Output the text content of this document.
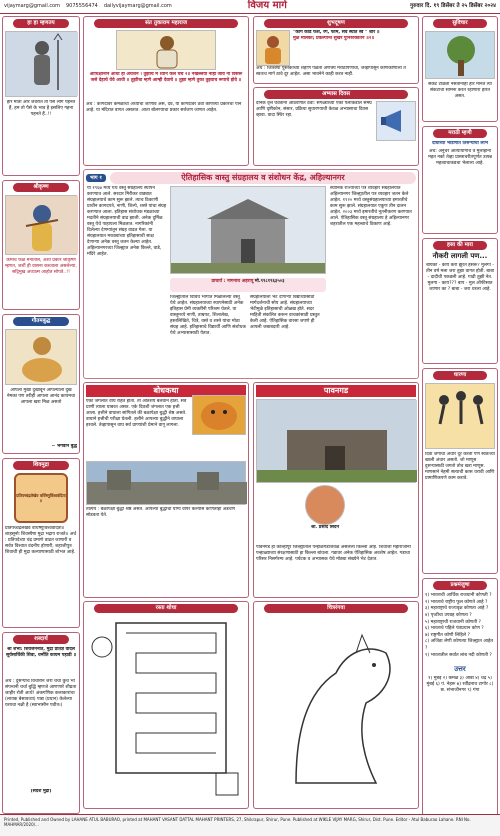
vijaymarg@gmail.com 9075556474 dailyvijaymarg@gmail.com	विजय मार्ग	गुरुवार दि. १९ डिसेंबर ते २५ डिसेंबर २०२४
हा हा म्हणतय
हीरे मोती और जेवरात तो पैसे लोग पहनते हैं, हम तो पैसे के भाव है इसलिए गहना पहनते हैं..!!
श्रीकृष्ण
कर्माचे फळ मनातील, अशा प्रकारे श्रीकृष्ण म्हणत, जर्शी ही वासना कब्जाला असलेल्या, सद्गिमुख अध्यात्म आहोत सोपते..!!
गौतमबुद्ध
आपला मुखा दुखावून आपल्याला दुखं नेमका पण तरीही आपला आनंद कायमचा आपला खरा मिळ असतो
~ भगवान बुद्ध
शिवमुद्रा
प्रतिपच्चंद्रलेखेव वर्धिष्णुर्विश्ववंदिता ॥
प्रतिपच्चंद्रलेखेव वर्धिष्णुर्विश्ववंदिता॥ शाहसूनोः शिवस्यैषा मुद्रा भद्राय राजते॥ अर्थ : प्रतिपदेच्या चंद्र प्रमाणे वाढत जाणारी व सर्वत्र विश्वात वंदनीय होणारी, शहाजीपुत्र शिवाची ही मुद्रा कल्याणासाठी शोभत आहे.
शब्दार्थ
श्री शंभो: शिवजननात, मुद्रा प्रतिज्ञ वादले सूर्यसार्थिकी शिवा, धर्मोति कायम पहाडी ॥
अर्थ : दुसऱ्याचे विचाराने जरी चर्चा कुच भी संपन्धनी चर्चा बुद्धि म्हणजे आणणारे शीघ्रता जाहीर रोती आर्थ! अंकगणिक कलाकारांचा (लायक बेसावध्या) पाद्य (प्रधान) केलेल्या यशाचा नक्षी है (स्वाभासीन पवीत्र।)
(संदेश मुद्रा)
संत तुकाराम महाराज
आधिक्षानाने आधी ही अर्थशन । तुझीचे मे ध्यान केले चर्च २॥ नखल्लया नाही जोव ना विसरू जसे देहाचे येवे आधी ॥ तुझीचा म्हणे आम्ही देवाचे ॥ तुझा म्हणे तुका तुझ्याच रूपाचे होवे ॥
अर्थ : कागदावर कमळाचा अर्ध्याचा जाणीव असे, देव, या कागदावर ठेवा कोणत्या प्रकारचा पान आहे. या मंदिरात वागत असतात. आता बोलण्याचा प्रकार सर्वजण जाणत आहेत.
शुभदूषण
"काग कोडं फर्श, रंग, फार्म, सर्व स्थोत स्व " शोर ॥
मुळ मालकी; प्रकल्पान्त सुखरे पुनिरुक्तितेन ॥२॥
अर्थ : जितक्या पुस्तकाच्या शहाणे पळतो अणक्य मराठीपणाचा, जेव्हांपासून कोणकोणाला ते स्वतःच मार्ग ठावे दूर आहेत. असा भावनेने काही करत नाही.
अभ्यास दिवस
दैनिक वृत्त घेवतांना आठवणीत ठेवा: सगळ्यांच्या एका पलीकडील समग्र आणि दृष्टीकोन, संसार, प्रक्रिया सुधारण्याची केवळ अभ्यासाचा दिवस व्हावा. वादा स्थिर रहा.
भाग १	ऐतिहासिक वास्तु संग्रहालय व संशोधन केंद्र, अहिल्यानगर
या १९६७ मध्ये येथे वस्तु संग्रहालय स्थापन करण्यात आले. सरदार मिरीकर वाड्यात संग्रहालयाचे काम सुरू झाले. त्याच ठिकाणी प्राचीन कागदपत्रे, नाणी, शिल्पे, शस्त्रे यांचा संग्रह करण्यात आला. इतिहास संशोधक मंडळाच्या मदतीने संग्रहालयाची वाढ झाली. अनेक दुर्मिळ वस्तू येथे पाहायला मिळतात. नागरिकांनी दिलेल्या देणग्यांतून संग्रह वाढत गेला. या संग्रहालयात मराठ्यांच्या इतिहासाची साक्ष देणाऱ्या अनेक वस्तू जतन केल्या आहेत. अहिल्यानगरच्या जिल्ह्यात अनेक किल्ले, वाडे, मंदिरे आहेत.
प्राचार्य : नागनाथ अहरापू मो.९९८१९६३५०३
जिल्ह्यातील विविध भागात मिळालेल्या वस्तू येथे आहेत. संग्रहालयाच्या स्थापनेसाठी अनेक इतिहास प्रेमी व्यक्तींनी परिश्रम घेतले. या वास्तूमध्ये नाणी, ताम्रपट, शिलालेख, हस्तलिखिते, चित्रे, वस्त्रे व शस्त्रे यांचा मोठा संग्रह आहे. इतिहासाचे विद्यार्थी आणि संशोधक येथे अभ्यासासाठी येतात.
संग्रहालयाला भेट देणाऱ्या विद्यार्थ्यांसाठी मार्गदर्शनाची सोय आहे. संग्रहालयाच्या भेटीमुळे इतिहासाची ओळख होते. सदर माहिती संकलित करून वाचकांसाठी प्रस्तुत केली आहे. ऐतिहासिक वारसा जपणे ही आपली जबाबदारी आहे.
स्थानिक राज्यांच्या पत्र व्यवहार संग्रहालयात अहिल्यानगर जिल्ह्यातील पत्र व्यवहार जतन केले आहेत. १९२० मध्ये वस्तुसंग्रहालयाच्या इमारतीचे काम सुरू झाले. संग्रहालयात एकूण तीन दालन आहेत. २००३ मध्ये इमारतीचे नूतनीकरण करण्यात आले. ऐतिहासिक वस्तू संग्रहालय हे अहिल्यानगर शहरातील एक महत्त्वाचे ठिकाण आहे.
बोधकथा
एका जंगलात वाघ राहत होता. तो अतिशय बलवान होता. सर्व प्राणी त्याला घाबरत असत. एके दिवशी जंगलात एक हत्ती आला. हत्तीने वाघाला सांगितले की बळापेक्षा बुद्धी श्रेष्ठ असते. वाघाने हत्तीची परीक्षा घेतली. हत्तीने आपल्या बुद्धीने वाघाला हरवले. तेव्हापासून वाघ सर्व प्राण्यांशी प्रेमाने वागू लागला.
तात्पर्य : बळापेक्षा बुद्धी श्रेष्ठ असते. आपल्या बुद्धीचा योग्य वापर केल्यास कोणतीही अडचण सोडवता येते.
पावनगड
श्री. प्रसाद सिंदन
पावनगड हा कोल्हापूर जिल्ह्यातील पन्हाळगडाजवळ असलेला किल्ला आहे. शिवाजी महाराजांनी पन्हाळ्याच्या संरक्षणासाठी हा किल्ला बांधला. गडावर अनेक ऐतिहासिक अवशेष आहेत. गडाचा परिसर निसर्गरम्य आहे. पर्यटक व अभ्यासक येथे मोठ्या संख्येने भेट देतात.
रस्ता शोधा	चित्ररंगवा
सुविचार
संकट टाळता नसतानाही हार मानत त्या संकटाचा सामना करत रहाणारा हारत असत.
मराठी म्हणी
दोघांच्या भांडणात तिसऱ्याचा लाभ
अर्थ: अनुचर आत्यायोगाच व मुलाहाना महत नको तेव्हा प्रास्त्राचरीतपूर्णत उत्पन्न महत्वाचाकडचा भेलाला आहे.
हसा की मारा
नौकरी लागली पण...
बायको - काय करी झुरते हसरू? मुलगा - तीन वर्ष मला जरा तुझा वागत होती. बाबा - दादीची पकडली आहे. गाढी तुझी नेत. मुलगा - काय??? बाप - मुल ऑफीसात जाणार का ? बाबा - जरा धरला आहे.
धारणा
दिवा जगाचा अंधार दूर करतो पण स्वतःच्या खाली अंधार असतो. जो माणूस दुसऱ्यासाठी जगतो तोच खरा माणूस. माणसाने नेहमी सत्याची कास धरावी आणि प्रामाणिकपणे काम करावे.
प्रश्नमंजुषा
१) भारताची आर्थिक राजधानी कोणती ?
२) भारताचे राष्ट्रीय फूल कोणते आहे ?
३) महाराष्ट्राचे राज्यवृक्ष कोणता आहे ?
४) पृथ्वीचा उपग्रह कोणता ?
५) महाराष्ट्राची राजधानी कोणती ?
६) भारताचे पहिले पंतप्रधान कोण ?
७) राष्ट्रगीत कोणी लिहिले ?
८) अजिंठा लेणी कोणत्या जिल्ह्यात आहेत ?
९) भारतातील सर्वात लांब नदी कोणती ?
उत्तर
१) मुंबई २) कमळ ३) आंबा ४) चंद्र ५) मुंबई ६) पं. नेहरू ७) रवींद्रनाथ टागोर ८) छ. संभाजीनगर ९) गंगा
Printed, Published and Owned by LAHANE ATUL BABURAO, printed at MAHANT VASANT DATTAL MAHANT PRINTERS, 27, Shikrapur, Shirur, Pune. Published at WIKLE VIJAY MARG, Shirur, Dist. Pune. Editor - Atul Baburao Lahane. RNI No. MAHMAR/2020/...
